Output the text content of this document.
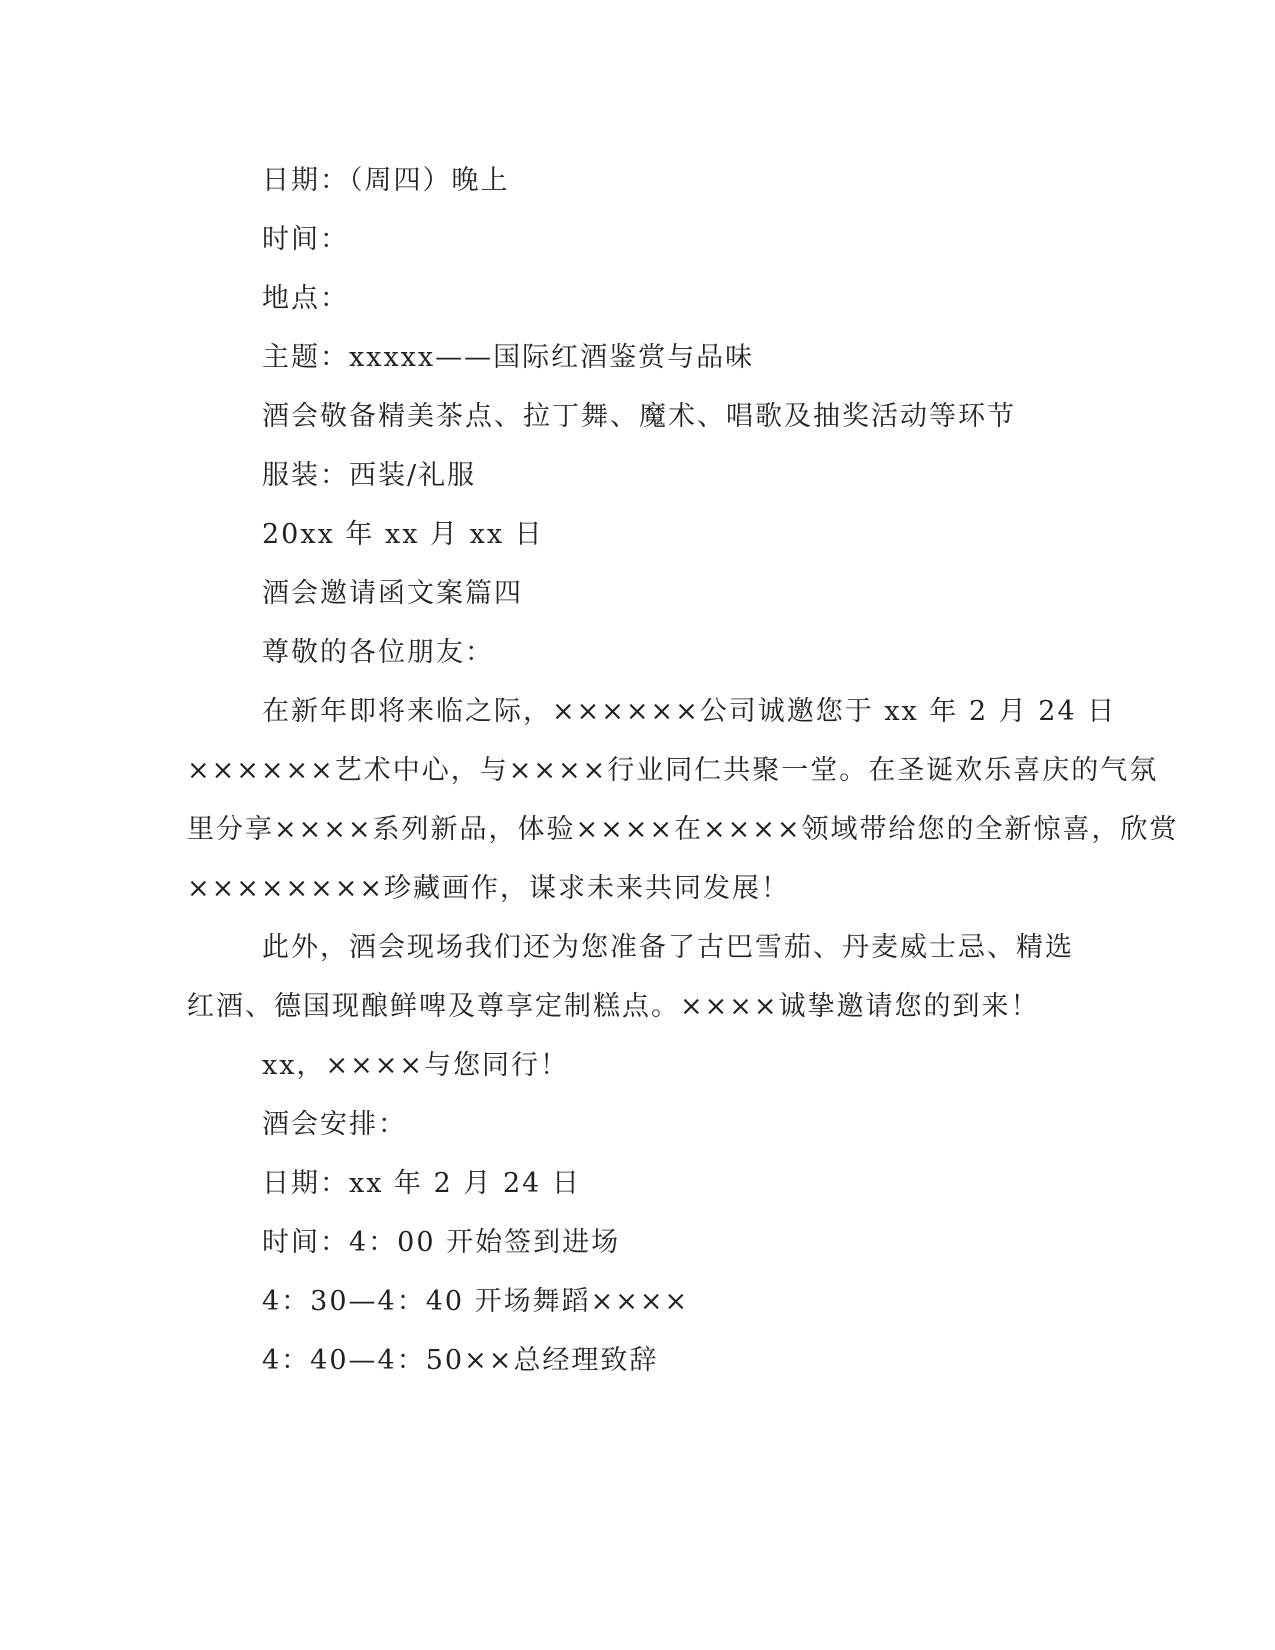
日期：（周四）晚上
时间：
地点：
主题：xxxxx——国际红酒鉴赏与品味
酒会敬备精美茶点、拉丁舞、魔术、唱歌及抽奖活动等环节
服装：西装/礼服
20xx 年 xx 月 xx 日
酒会邀请函文案篇四
尊敬的各位朋友：
在新年即将来临之际，××××××公司诚邀您于 xx 年 2 月 24 日
××××××艺术中心，与××××行业同仁共聚一堂。在圣诞欢乐喜庆的气氛
里分享××××系列新品，体验××××在××××领域带给您的全新惊喜，欣赏
××××××××珍藏画作，谋求未来共同发展！
此外，酒会现场我们还为您准备了古巴雪茄、丹麦威士忌、精选
红酒、德国现酿鲜啤及尊享定制糕点。××××诚挚邀请您的到来！
xx，××××与您同行！
酒会安排：
日期：xx 年 2 月 24 日
时间：4：00 开始签到进场
4：30—4：40 开场舞蹈××××
4：40—4：50××总经理致辞
